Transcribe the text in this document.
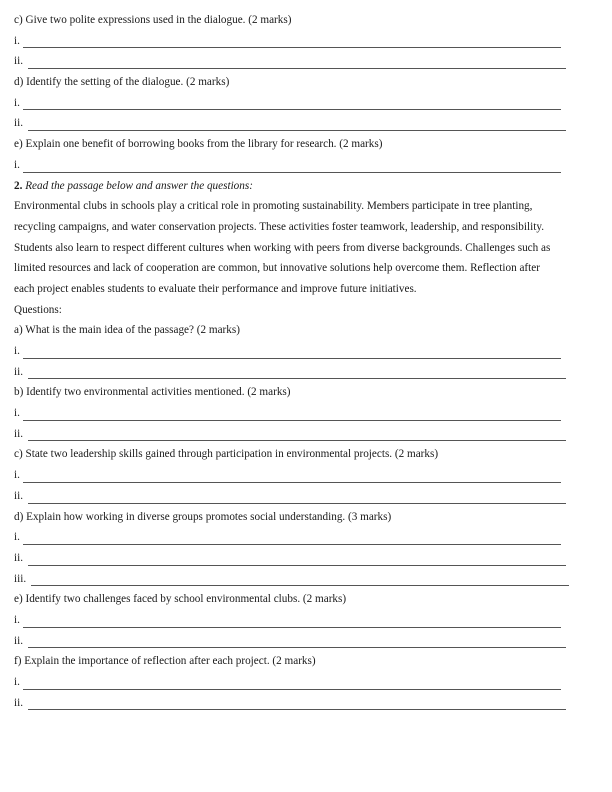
c) Give two polite expressions used in the dialogue. (2 marks)
i.
ii.
d) Identify the setting of the dialogue. (2 marks)
i.
ii.
e) Explain one benefit of borrowing books from the library for research. (2 marks)
i.
2. Read the passage below and answer the questions:
Environmental clubs in schools play a critical role in promoting sustainability. Members participate in tree planting,
recycling campaigns, and water conservation projects. These activities foster teamwork, leadership, and responsibility.
Students also learn to respect different cultures when working with peers from diverse backgrounds. Challenges such as
limited resources and lack of cooperation are common, but innovative solutions help overcome them. Reflection after
each project enables students to evaluate their performance and improve future initiatives.
Questions:
a) What is the main idea of the passage? (2 marks)
i.
ii.
b) Identify two environmental activities mentioned. (2 marks)
i.
ii.
c) State two leadership skills gained through participation in environmental projects. (2 marks)
i.
ii.
d) Explain how working in diverse groups promotes social understanding. (3 marks)
i.
ii.
iii.
e) Identify two challenges faced by school environmental clubs. (2 marks)
i.
ii.
f) Explain the importance of reflection after each project. (2 marks)
i.
ii.
